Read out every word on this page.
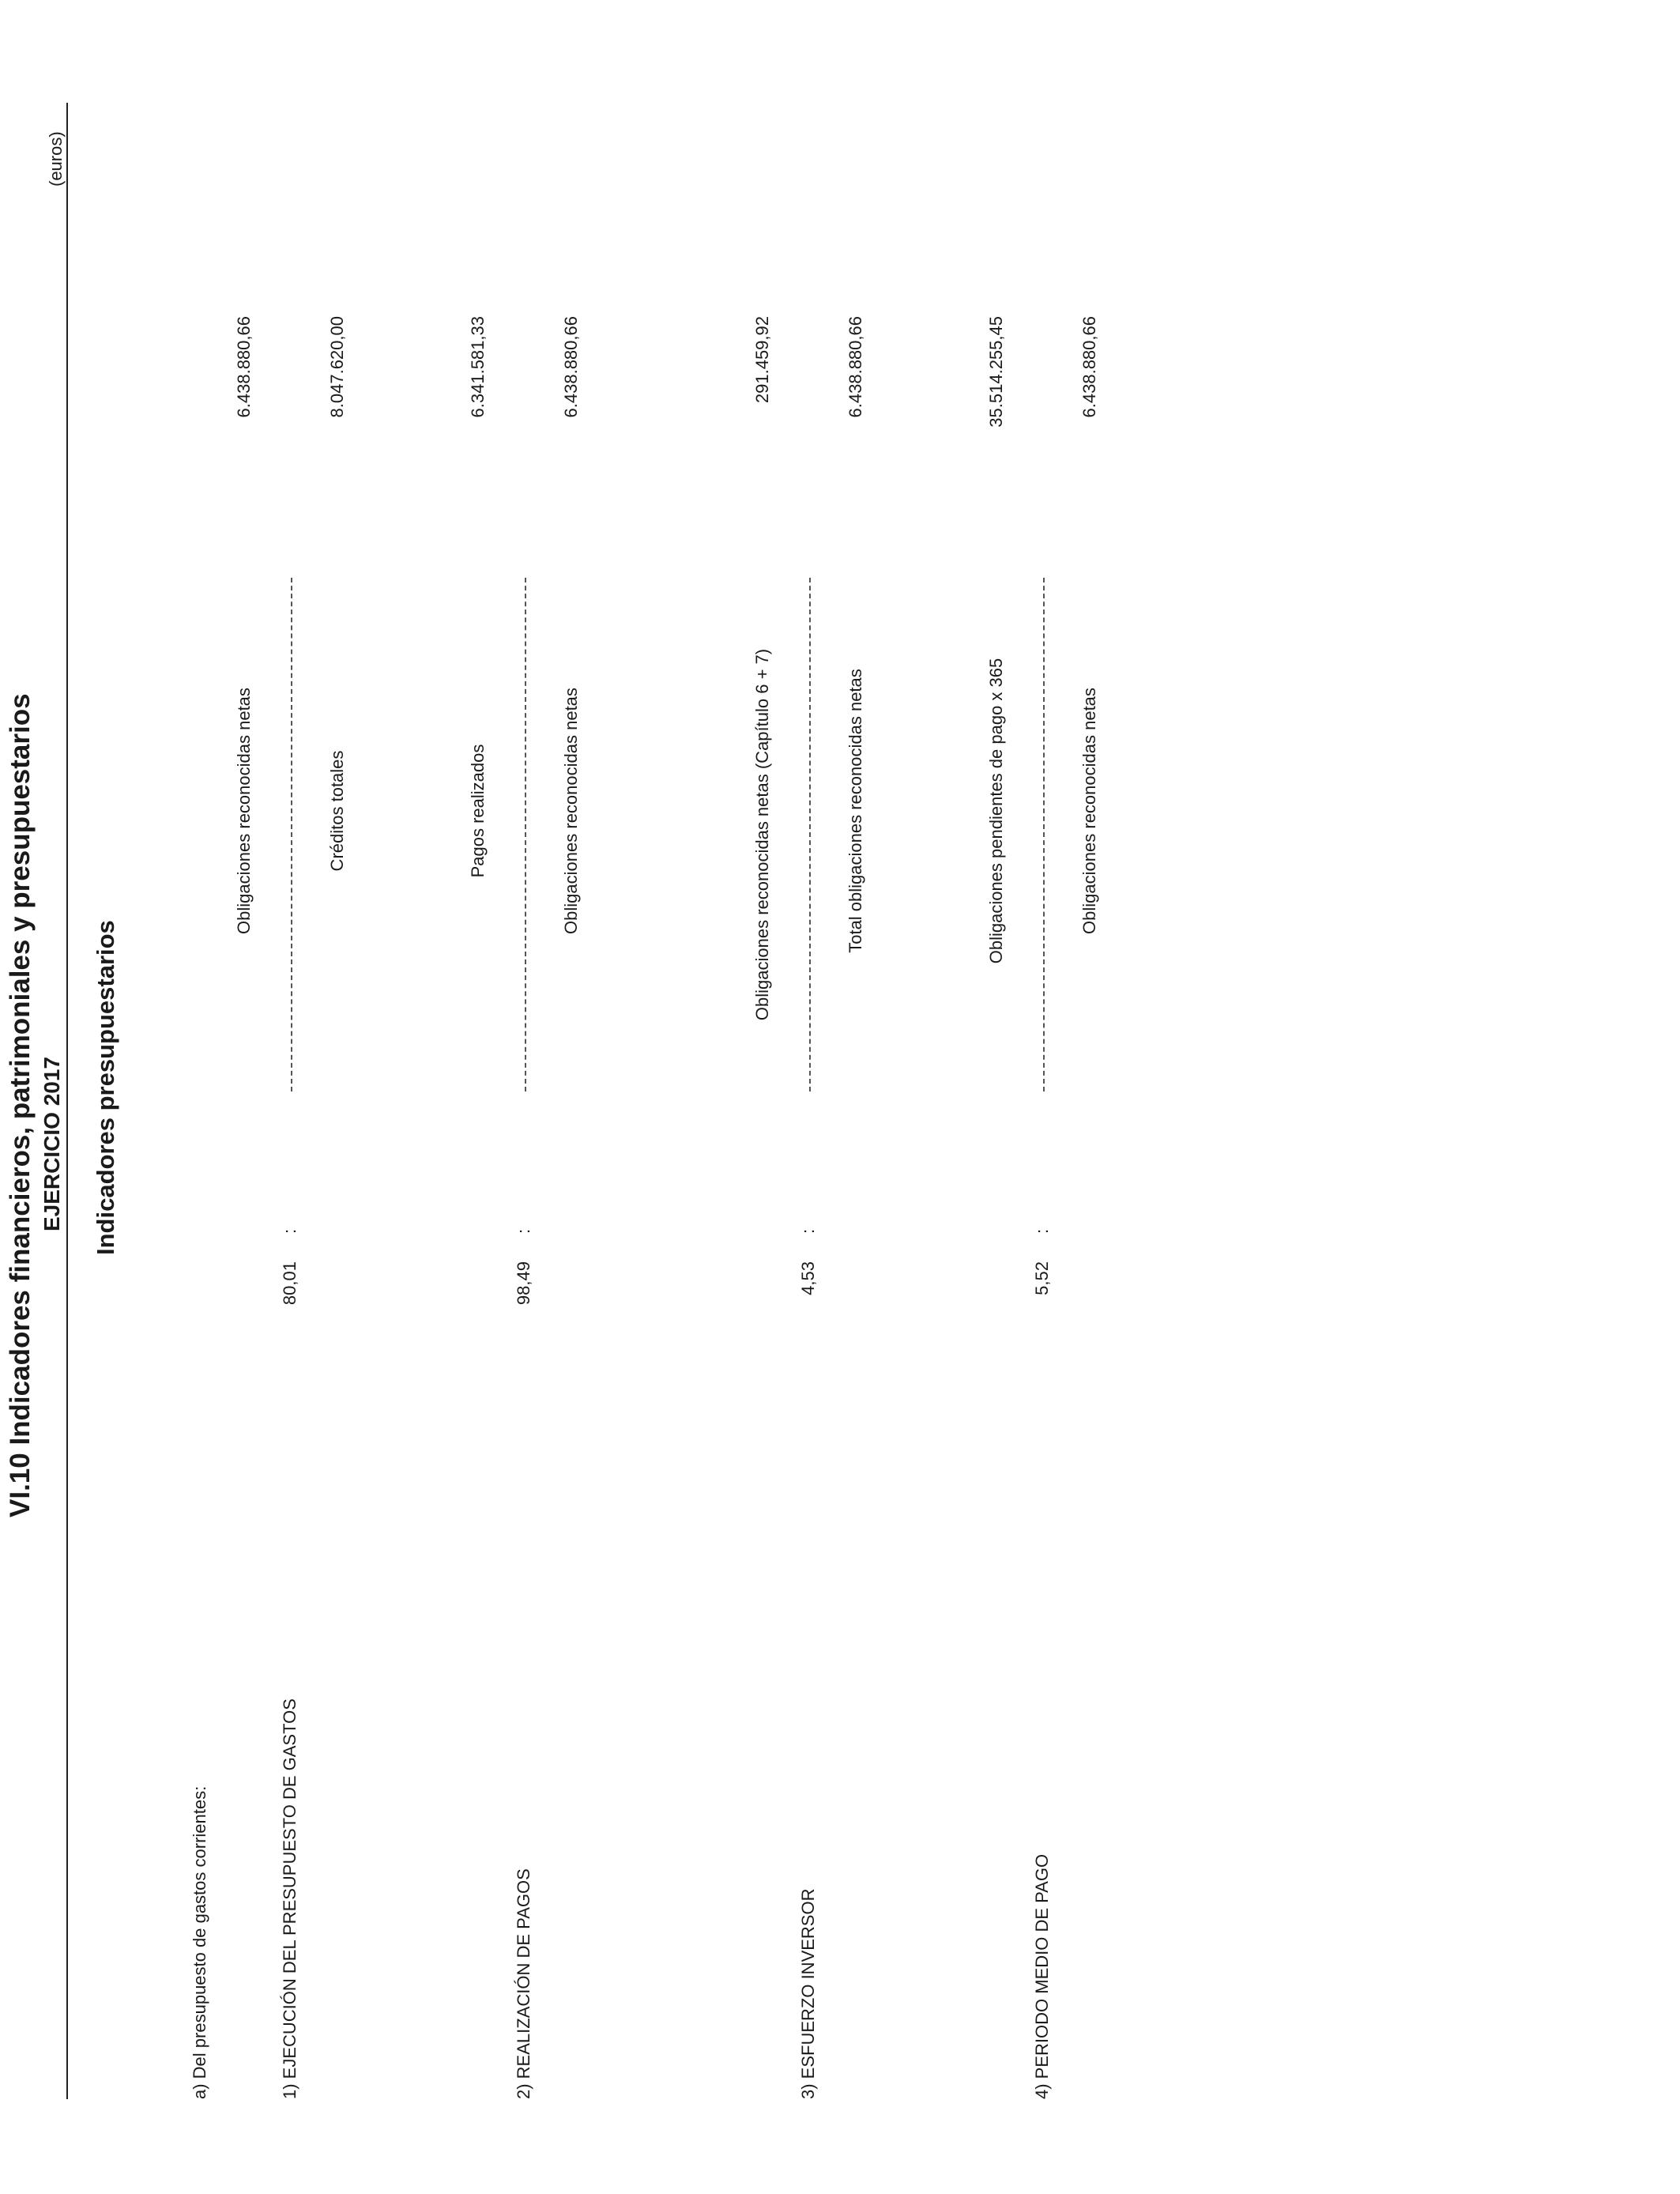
VI.10 Indicadores financieros, patrimoniales y presupuestarios EJERCICIO 2017
(euros)
Indicadores presupuestarios
a) Del presupuesto de gastos corrientes:	1) EJECUCIÓN DEL PRESUPUESTO DE GASTOS
80,01
:
Obligaciones reconocidas netas	Créditos totales
6.438.880,66	8.047.620,00
2) REALIZACIÓN DE PAGOS
98,49
:
Pagos realizados	Obligaciones reconocidas netas
6.341.581,33	6.438.880,66
3) ESFUERZO INVERSOR
4,53
:
Obligaciones reconocidas netas (Capítulo 6 + 7)	Total obligaciones reconocidas netas
291.459,92	6.438.880,66
4) PERIODO MEDIO DE PAGO
5,52
:
Obligaciones pendientes de pago x 365	Obligaciones reconocidas netas
35.514.255,45	6.438.880,66
